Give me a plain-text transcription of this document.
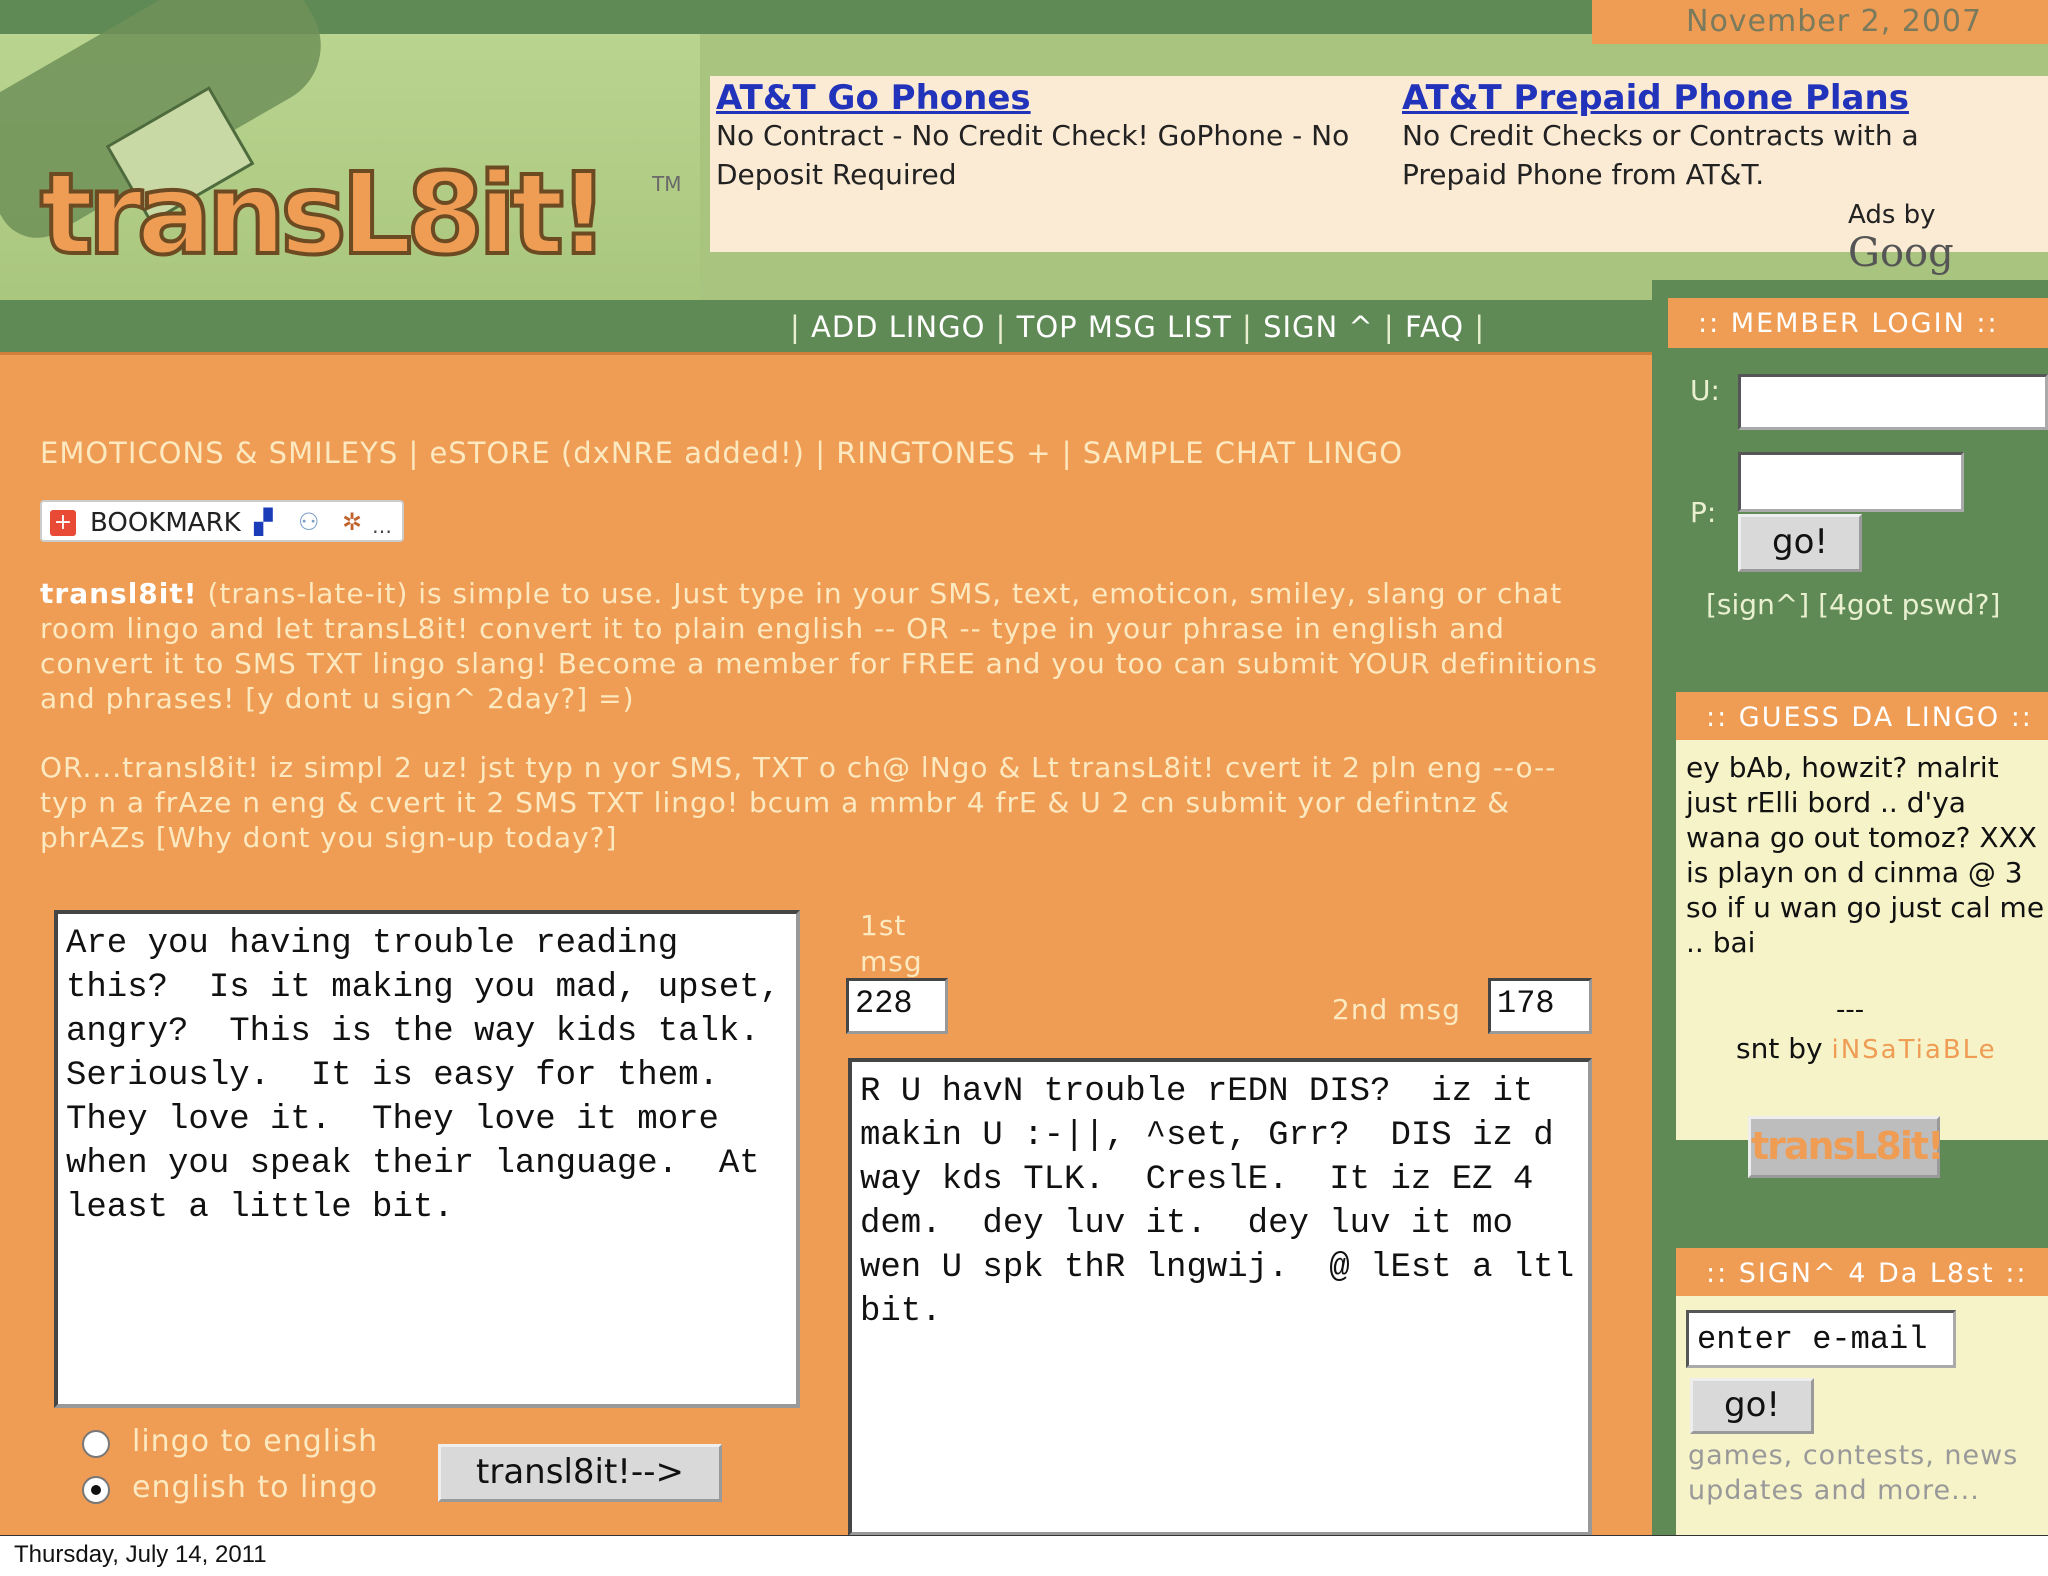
November 2, 2007
transL8it! TM
AT&T Go Phones
No Contract - No Credit Check! GoPhone - No Deposit Required
AT&T Prepaid Phone Plans
No Credit Checks or Contracts with a Prepaid Phone from AT&T.
Ads by Goog
| ADD LINGO | TOP MSG LIST | SIGN ^ | FAQ |	:: MEMBER LOGIN ::
U:
P:
go!
[sign^] [4got pswd?]
:: GUESS DA LINGO ::
ey bAb, howzit? malrit just rElli bord .. d'ya wana go out tomoz? XXX is playn on d cinma @ 3 so if u wan go just cal me .. bai
---
snt by iNSaTiaBLe
transL8it!
:: SIGN^ 4 Da L8st ::
enter e-mail
go!
games, contests, news updates and more...
EMOTICONS & SMILEYS | eSTORE (dxNRE added!) | RINGTONES + | SAMPLE CHAT LINGO
+ BOOKMARK ▞ ⚇ ✲ …
transl8it! (trans-late-it) is simple to use. Just type in your SMS, text, emoticon, smiley, slang or chat room lingo and let transL8it! convert it to plain english -- OR -- type in your phrase in english and convert it to SMS TXT lingo slang! Become a member for FREE and you too can submit YOUR definitions and phrases! [y dont u sign^ 2day?] =)
OR....transl8it! iz simpl 2 uz! jst typ n yor SMS, TXT o ch@ lNgo & Lt transL8it! cvert it 2 pln eng --o-- typ n a frAze n eng & cvert it 2 SMS TXT lingo! bcum a mmbr 4 frE & U 2 cn submit yor defintnz & phrAZs [Why dont you sign-up today?]
Are you having trouble reading this?  Is it making you mad, upset, angry?  This is the way kids talk.  Seriously.  It is easy for them.  They love it.  They love it more when you speak their language.  At least a little bit.
1st msg
228	2nd msg 178
R U havN trouble rEDN DIS?  iz it makin U :-||, ^set, Grr?  DIS iz d way kds TLK.  CreslE.  It iz EZ 4 dem.  dey luv it.  dey luv it mo wen U spk thR lngwij.  @ lEst a ltl bit.
lingo to english
english to lingo	transl8it!-->
Thursday, July 14, 2011
